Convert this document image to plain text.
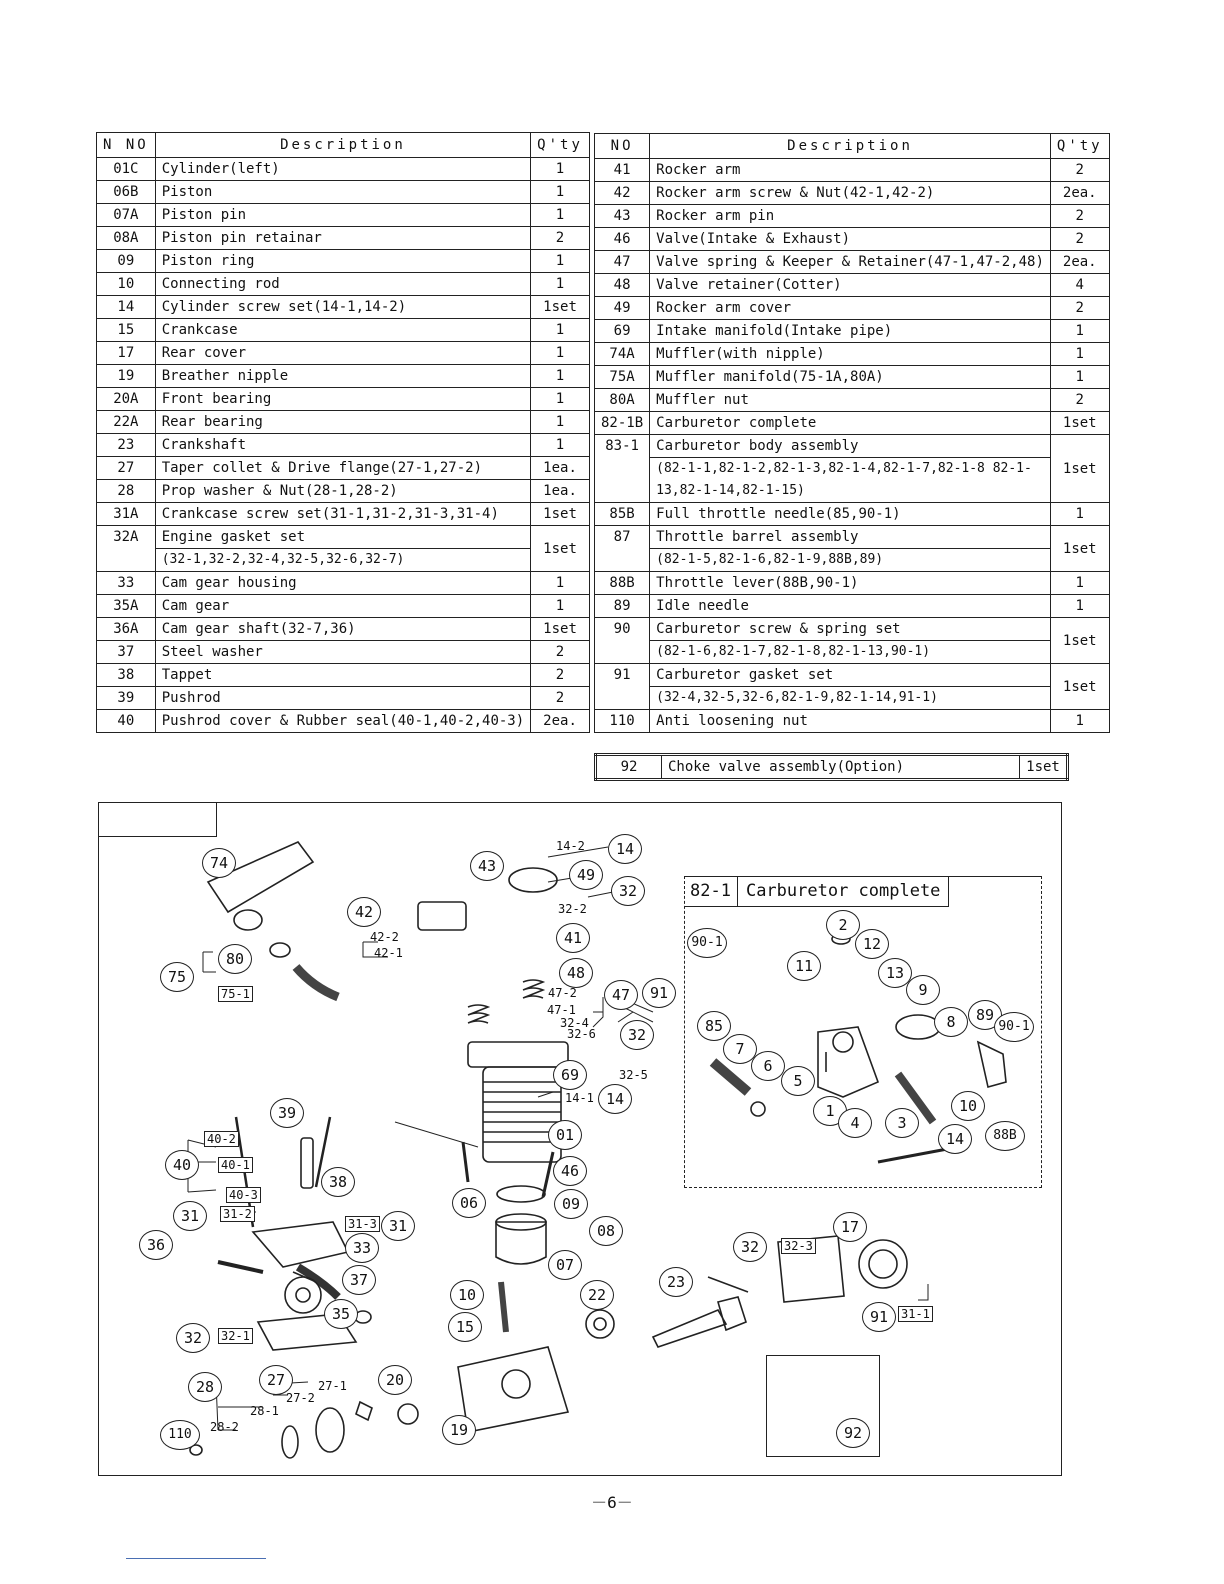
N NO	Description	Q'ty
01C	Cylinder(left)	1
06B	Piston	1
07A	Piston pin	1
08A	Piston pin retainar	2
09	Piston ring	1
10	Connecting rod	1
14	Cylinder screw set(14-1,14-2)	1set
15	Crankcase	1
17	Rear cover	1
19	Breather nipple	1
20A	Front bearing	1
22A	Rear bearing	1
23	Crankshaft	1
27	Taper collet & Drive flange(27-1,27-2)	1ea.
28	Prop washer & Nut(28-1,28-2)	1ea.
31A	Crankcase screw set(31-1,31-2,31-3,31-4)	1set
32A	Engine gasket set	1set
	(32-1,32-2,32-4,32-5,32-6,32-7)	
33	Cam gear housing	1
35A	Cam gear	1
36A	Cam gear shaft(32-7,36)	1set
37	Steel washer	2
38	Tappet	2
39	Pushrod	2
40	Pushrod cover & Rubber seal(40-1,40-2,40-3)	2ea.
NO	Description	Q'ty
41	Rocker arm	2
42	Rocker arm screw & Nut(42-1,42-2)	2ea.
43	Rocker arm pin	2
46	Valve(Intake & Exhaust)	2
47	Valve spring & Keeper & Retainer(47-1,47-2,48)	2ea.
48	Valve retainer(Cotter)	4
49	Rocker arm cover	2
69	Intake manifold(Intake pipe)	1
74A	Muffler(with nipple)	1
75A	Muffler manifold(75-1A,80A)	1
80A	Muffler nut	2
82-1B	Carburetor complete	1set
83-1	Carburetor body assembly	1set
	(82-1-1,82-1-2,82-1-3,82-1-4,82-1-7,82-1-8 82-1-13,82-1-14,82-1-15)	
85B	Full throttle needle(85,90-1)	1
87	Throttle barrel assembly	1set
	(82-1-5,82-1-6,82-1-9,88B,89)	
88B	Throttle lever(88B,90-1)	1
89	Idle needle	1
90	Carburetor screw & spring set	1set
	(82-1-6,82-1-7,82-1-8,82-1-13,90-1)	
91	Carburetor gasket set	1set
	(32-4,32-5,32-6,82-1-9,82-1-14,91-1)	
110	Anti loosening nut	1
92	Choke valve assembly(Option)	1set
82-1 Carburetor complete
74
75
80
42
43	49
14
32
41
48
47	91
32
69
14
01
46
39
40
38
31
31
33
36
37
35
32
28	27	20
110	19
06	09
08
07
10
15
22
23
32
17
91
92
2
12
90-1
11	13
9
8	89
90-1
85
7
6
5
1
4	3
10
14	88B
75-1
40-2
40-1
40-3
31-2
31-3
32-1
32-3
31-1
14-2
32-2
42-2
42-1
47-2
47-1
32-4
32-6
32-5
14-1
27-1
27-2
28-1
28-2
－6－
